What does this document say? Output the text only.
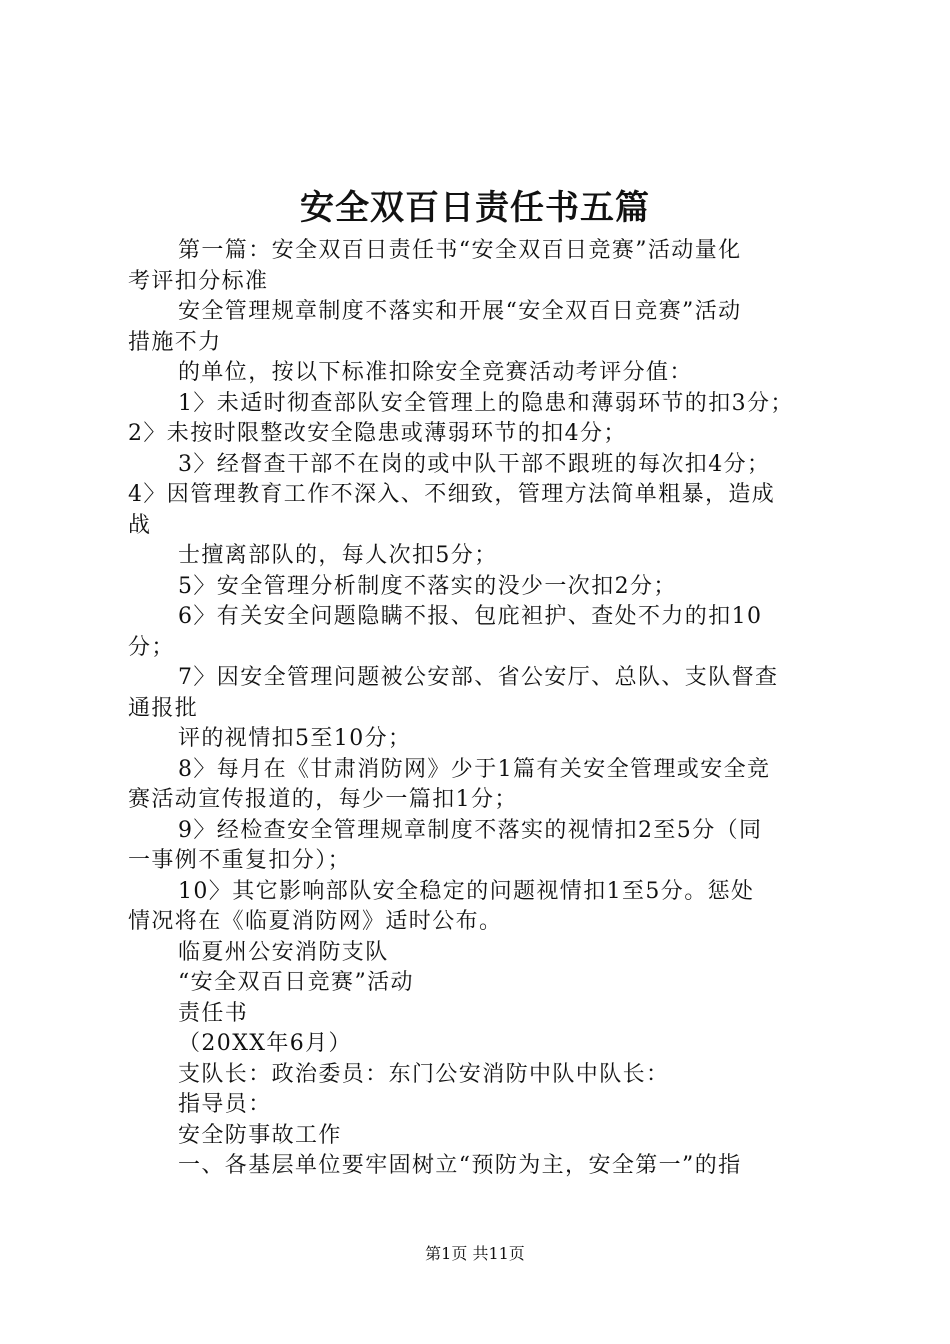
安全双百日责任书五篇
第一篇：安全双百日责任书“安全双百日竞赛”活动量化
考评扣分标准
安全管理规章制度不落实和开展“安全双百日竞赛”活动
措施不力
的单位，按以下标准扣除安全竞赛活动考评分值：
1〉未适时彻查部队安全管理上的隐患和薄弱环节的扣3分；
2〉未按时限整改安全隐患或薄弱环节的扣4分；
3〉经督查干部不在岗的或中队干部不跟班的每次扣4分；
4〉因管理教育工作不深入、不细致，管理方法简单粗暴，造成
战
士擅离部队的，每人次扣5分；
5〉安全管理分析制度不落实的没少一次扣2分；
6〉有关安全问题隐瞒不报、包庇袒护、查处不力的扣10
分；
7〉因安全管理问题被公安部、省公安厅、总队、支队督查
通报批
评的视情扣5至10分；
8〉每月在《甘肃消防网》少于1篇有关安全管理或安全竞
赛活动宣传报道的，每少一篇扣1分；
9〉经检查安全管理规章制度不落实的视情扣2至5分（同
一事例不重复扣分）；
10〉其它影响部队安全稳定的问题视情扣1至5分。惩处
情况将在《临夏消防网》适时公布。
临夏州公安消防支队
“安全双百日竞赛”活动
责任书
（20XX年6月）
支队长：政治委员：东门公安消防中队中队长：
指导员：
安全防事故工作
一、各基层单位要牢固树立“预防为主，安全第一”的指
第1页 共11页
